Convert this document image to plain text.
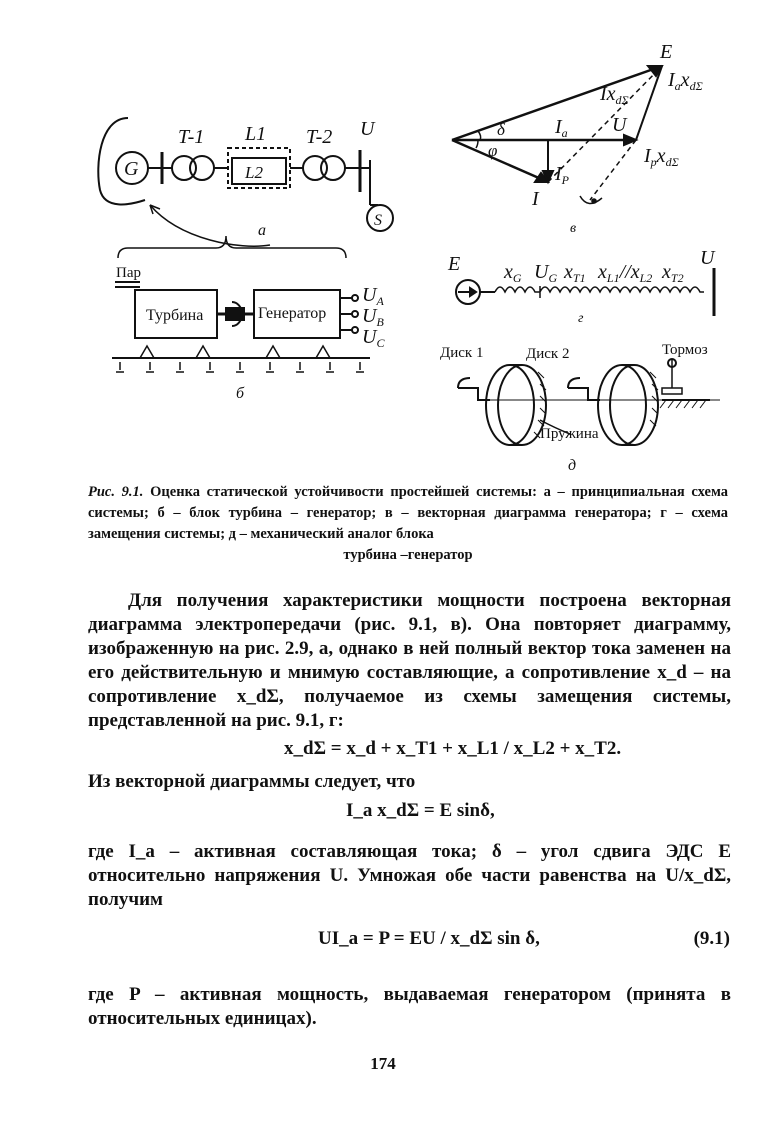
T-1 L1
L2
T-2 U
G
S
а
Пар
Турбина	Генератор
$U_A$
$U_B$
$U_C$
б
E
$I_ax_{d\Sigma}$
$Ix_{d\Sigma}$
δ
φ
$I_a$ U
$I_px_{d\Sigma}$
$I_P$
I
в
E	U
$x_G$ $U_G$ $x_{T1}$ $x_{L1}//x_{L2}$ $x_{T2}$
г
Диск 1	Диск 2	Тормоз
Пружина
д
Рис. 9.1. Оценка статической устойчивости простейшей системы: а – принципиальная схема системы; б – блок турбина – генератор; в – векторная диаграмма генератора; г – схема замещения системы; д – механический аналог блока
турбина –генератор
Для получения характеристики мощности построена векторная диаграмма электропередачи (рис. 9.1, в). Она повторяет диаграмму, изображенную на рис. 2.9, а, однако в ней полный вектор тока заменен на его действительную и мнимую составляющие, а сопротивление x_d – на сопротивление x_dΣ, получаемое из схемы замещения системы, представленной на рис. 9.1, г:
x_dΣ = x_d + x_T1 + x_L1 / x_L2 + x_T2.
Из векторной диаграммы следует, что
I_a x_dΣ = E sinδ,
где I_a – активная составляющая тока; δ – угол сдвига ЭДС E относительно напряжения U. Умножая обе части равенства на U/x_dΣ, получим
UI_a = P = EU / x_dΣ sin δ,	(9.1)
где P – активная мощность, выдаваемая генератором (принята в относительных единицах).
174
